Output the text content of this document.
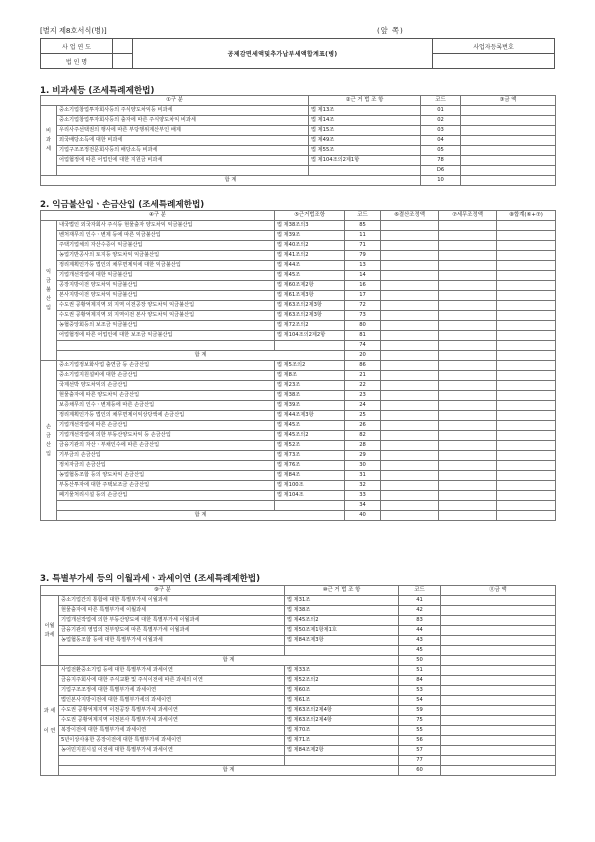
[별지 제8호서식(병)]	(앞 쪽)
사 업 연 도		공제감면세액및추가납부세액합계표(병)	사업자등록번호
법 인 명			
1. 비과세등 (조세특례제한법)
①구 분		②근 거 법 조 항	코드	③금 액
비 과 세	중소기업창업투자회사등의 주식양도차익등 비과세	법 제13조	01	
	중소기업창업투자회사등의 출자에 따른 주식양도차익 비과세	법 제14조	02	
	우리사주선택권의 행사에 따른 부당행위계산부인 배제	법 제15조	03	
	외국배당소득에 대한 비과세	법 제49조	04	
	기업구조조정전문회사등의 배당소득 비과세	법 제55조	05	
	어업협정에 따른 어업인에 대한 지원금 비과세	법 제104조의2제1항	78	
			D6	
합 계			10	
2. 익금불산입ㆍ손금산입 (조세특례제한법)
④구 분		⑤근거법조항	코드	⑥결산조정액	⑦세무조정액	⑧합계(⑥+⑦)
익 금 불 산 입	내국법인 외국자회사 주식등 현물출자 양도차익 익금불산입	법 제38조의3	85			
	벤처재무의 인수ㆍ변제 등에 따른 익금불산입	법 제39조	11			
	주택기업체의 자산수증이 익금불산입	법 제40조의2	71			
	농업기반공사의 토지등 양도차익 익금불산입	법 제41조의2	79			
	정리계획인가등 법인의 채무면제익에 대한 익금불산입	법 제44조	13			
	기업개선작업에 대한 익금불산입	법 제45조	14			
	공장지방이전 양도차익 익금불산입	법 제60조제2항	16			
	본사지방이전 양도차익 익금불산입	법 제61조제3항	17			
	수도권 공황억제지역 외 지역 이전공장 양도차익 익금불산입	법 제63조의2제3항	72			
	수도권 공황억제지역 외 지역이전 본사 양도차익 익금불산입	법 제63조의2제3항	73			
	농협중앙회등의 보조금 익금불산입	법 제72조의2	80			
	어업협정에 따른 어업인에 대한 보조금 익금불산입	법 제104조의2제2항	81			
			74			
	합 계		20			
손 금 산 입	중소기업정보화사업 출연금 등 손금산입	법 제5조의2	86			
	중소기업지원설비에 대한 손금산입	법 제8조	21			
	국제선박 양도차익의 손금산입	법 제23조	22			
	현물출자에 따른 양도차익 손금산입	법 제38조	23			
	보증채무의 인수ㆍ변제등에 따른 손금산입	법 제39조	24			
	정리계획인가등 법인의 채무면제이익상당액에 손금산입	법 제44조제3항	25			
	기업개선작업에 따른 손금산입	법 제45조	26			
	기업개선작업에 의한 부동산양도차익 등 손금산입	법 제45조의2	82			
	금융기관의 자산ㆍ부채인수에 따른 손금산입	법 제52조	28			
	기부금의 손금산입	법 제73조	29			
	정치자금의 손금산입	법 제76조	30			
	농업협동조합 등의 양도차익 손금산입	법 제84조	31			
	부동산투자에 대한 주택보조금 손금산입	법 제100조	32			
	폐기물처리시설 등의 손금산입	법 제104조	33			
			34			
	합 계		40			
3. 특별부가세 등의 이월과세ㆍ과세이연 (조세특례제한법)
⑨구 분		⑩근 거 법 조 항	코드	⑪금 액
이월 과세	중소기업간의 통합에 대한 특별부가세 이월과세	법 제31조	41	
	현물출자에 따른 특별부가세 이월과세	법 제38조	42	
	기업개선작업에 의한 부동산양도에 대한 특별부가세 이월과세	법 제45조의2	83	
	금융기관의 영업의 전부양도에 따른 특별부가세 이월과세	법 제50조제1항제1호	44	
	농업협동조합 등에 대한 특별부가세 이월과세	법 제84조제3항	43	
			45	
	합 계		50	
과 세 이 연	사업전환중소기업 등에 대한 특별부가세 과세이연	법 제33조	51	
	금융지주회사에 대한 주식교환 및 주식이전에 따른 과세의 이연	법 제52조의2	84	
	기업구조조정에 대한 특별부가세 과세이연	법 제60조	53	
	법인본사지방이전에 대한 특별부가세의 과세이연	법 제61조	54	
	수도권 공황억제지역 이전공장 특별부가세 과세이연	법 제63조의2제4항	59	
	수도권 공황억제지역 이전본사 특별부가세 과세이연	법 제63조의2제4항	75	
	복장이전에 대한 특별부가세 과세이연	법 제70조	55	
	5년이상사용한 공장이전에 대한 특별부가세 과세이연	법 제71조	56	
	농어민지원시설 이전에 대한 특별부가세 과세이연	법 제84조제2항	57	
			77	
	합 계		60	
